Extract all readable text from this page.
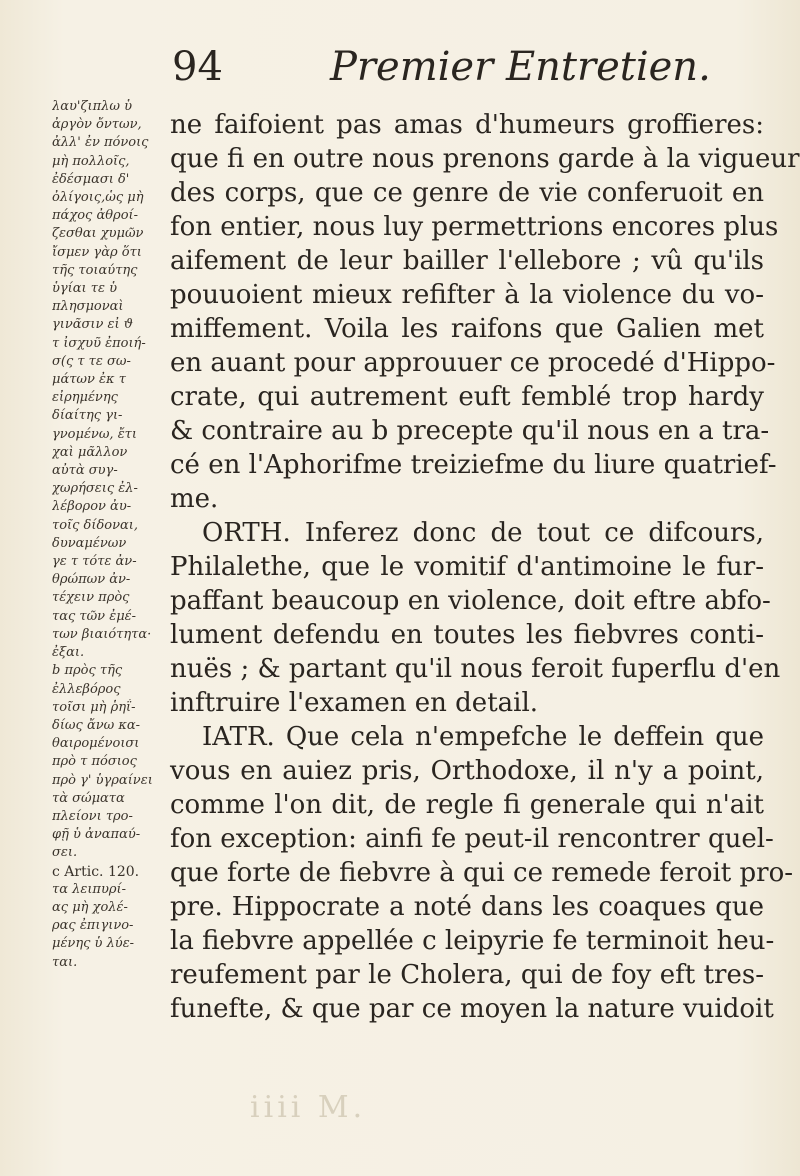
94	Premier Entretien.
λαυ'ζιπλω ὑ
ἀργὸν ὄντων,
ἀλλ' ἐν πόνοις
μὴ πολλοῖς,
ἐδέσμασι δ'
ὀλίγοις,ὡς μὴ
πάχος ἀθροί-
ζεσθαι χυμῶν
ἴσμεν γὰρ ὅτι
τῆς τοιαύτης
ὑγίαι τε ὑ
πλησμοναὶ
γινᾶσιν εἰ ϑ
τ ἰσχυῦ ἐποιή-
σ(ς τ τε σω-
μάτων ἐκ τ
εἰρημένης
δίαίτης γι-
γνομένω, ἔτι
χαὶ μᾶλλον
αὐτὰ συγ-
χωρήσεις ἐλ-
λέβορον ἀυ-
τοῖς δίδοναι,
δυναμένων
γε τ τότε ἀν-
θρώπων ἀν-
τέχειν πρὸς
τας τῶν ἐμέ-
των βιαιότητα·
ἐξαι.
b πρὸς τῆς
ἐλλεβόρος
τοῖσι μὴ ῥηΐ-
δίως ἄνω κα-
θαιρομένοισι
πρὸ τ πόσιος
πρὸ γ' ὑγραίνει
τὰ σώματα
πλείονι τρο-
φῇ ὑ ἀναπαύ-
σει.
c Artic. 120.
τα λειπυρί-
ας μὴ χολέ-
ρας ἐπιγινο-
μένης ὑ λύε-
ται.
ne faifoient pas amas d'humeurs groffieres:
que fi en outre nous prenons garde à la vigueur
des corps, que ce genre de vie conferuoit en
fon entier, nous luy permettrions encores plus
aifement de leur bailler l'ellebore ; vû qu'ils
pouuoient mieux refifter à la violence du vo-
miffement. Voila les raifons que Galien met
en auant pour approuuer ce procedé d'Hippo-
crate, qui autrement euft femblé trop hardy
& contraire au b precepte qu'il nous en a tra-
cé en l'Aphorifme treiziefme du liure quatrief-
me.
ORTH. Inferez donc de tout ce difcours,
Philalethe, que le vomitif d'antimoine le fur-
paffant beaucoup en violence, doit eftre abfo-
lument defendu en toutes les fiebvres conti-
nuës ; & partant qu'il nous feroit fuperflu d'en
inftruire l'examen en detail.
IATR. Que cela n'empefche le deffein que
vous en auiez pris, Orthodoxe, il n'y a point,
comme l'on dit, de regle fi generale qui n'ait
fon exception: ainfi fe peut-il rencontrer quel-
que forte de fiebvre à qui ce remede feroit pro-
pre. Hippocrate a noté dans les coaques que
la fiebvre appellée c leipyrie fe terminoit heu-
reufement par le Cholera, qui de foy eft tres-
funefte, & que par ce moyen la nature vuidoit
iiii M.
